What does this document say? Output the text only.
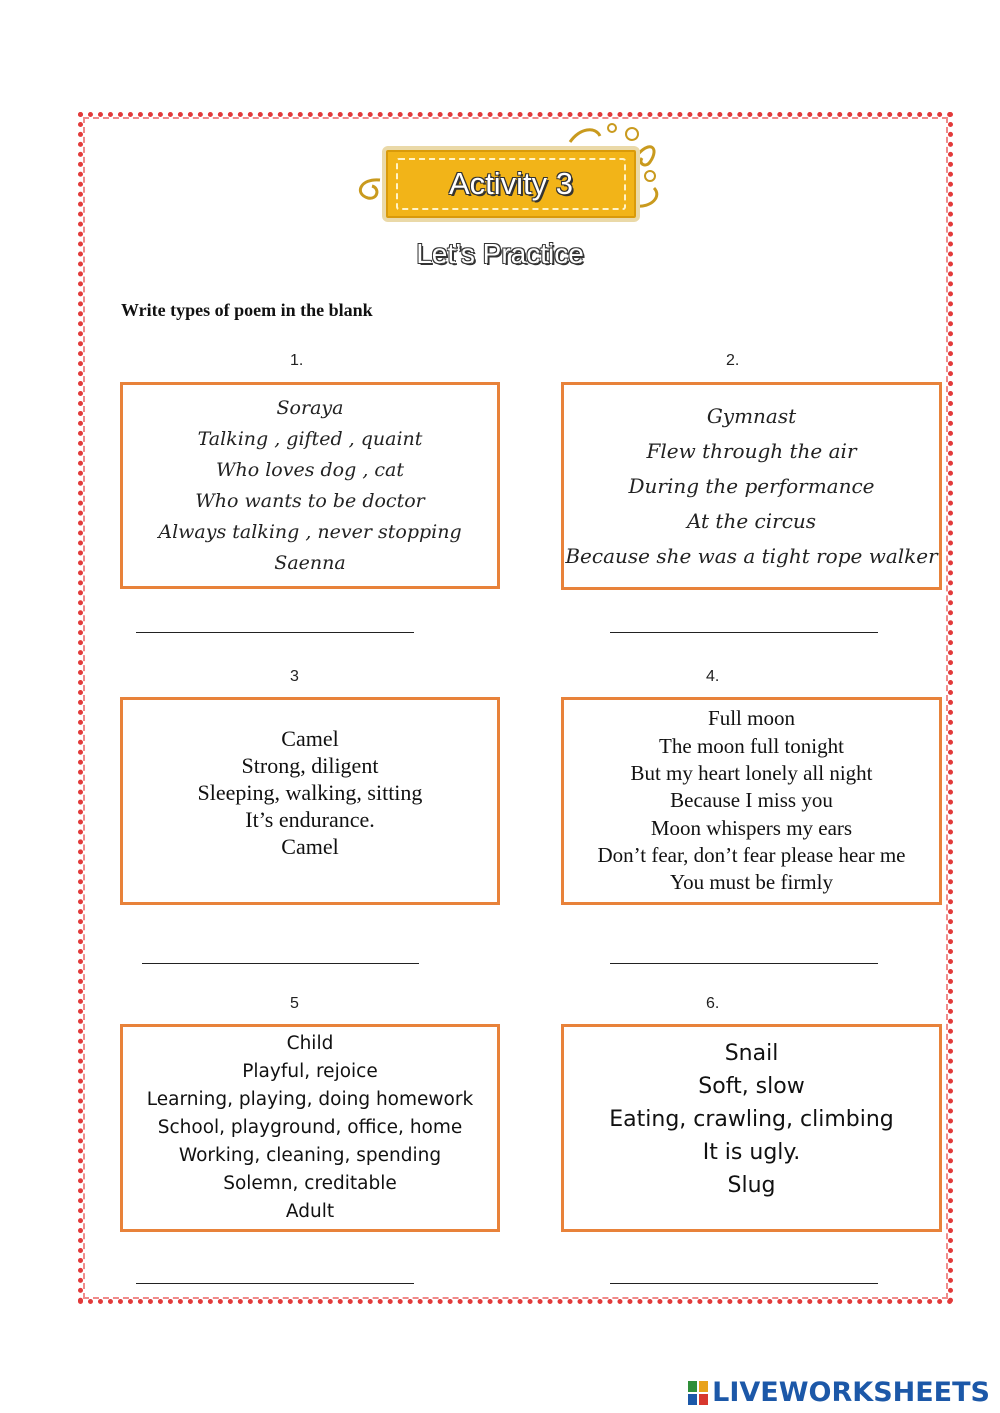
Activity 3
Let’s Practice
Write types of poem in the blank
1.
Soraya
Talking , gifted , quaint
Who loves dog , cat
Who wants to be doctor
Always talking , never stopping
Saenna
2.
Gymnast
Flew through the air
During the performance
At the circus
Because she was a tight rope walker
3
Camel
Strong, diligent
Sleeping, walking, sitting
It’s endurance.
Camel
4.
Full moon
The moon full tonight
But my heart lonely all night
Because I miss you
Moon whispers my ears
Don’t fear, don’t fear please hear me
You must be firmly
5
Child
Playful, rejoice
Learning, playing, doing homework
School, playground, office, home
Working, cleaning, spending
Solemn, creditable
Adult
6.
Snail
Soft, slow
Eating, crawling, climbing
It is ugly.
Slug
LIVEWORKSHEETS
